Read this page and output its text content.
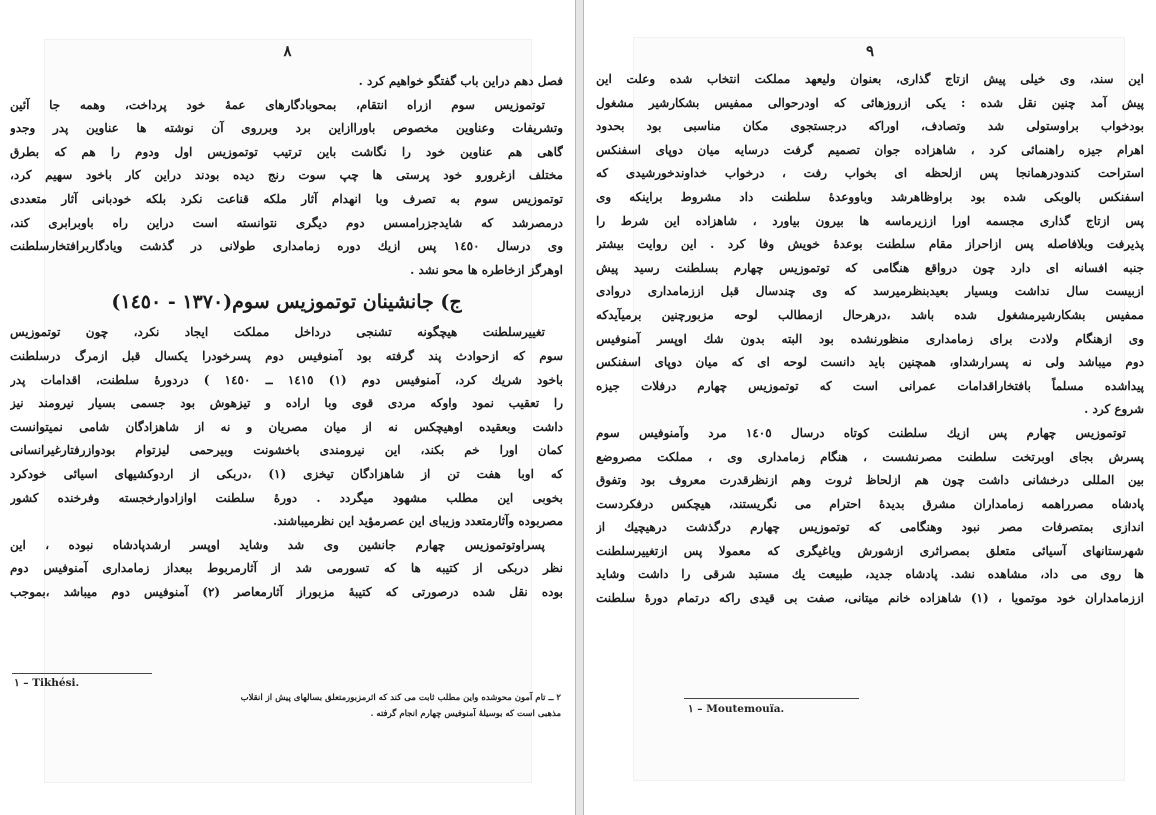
٨
فصل دهم دراین باب گفتگو خواهیم کرد .
توتموزیس سوم ازراه انتقام، بمحوبادگارهای عمهٔ خود پرداخت، وهمه جا آئین
وتشریفات وعناوین مخصوص باوراازاین برد وبرروی آن نوشته ها عناوین پدر وجدو
گاهی هم عناوین خود را نگاشت باین ترتیب توتموزیس اول ودوم را هم که بطرق
مختلف ازغرورو خود پرستی ها چپ سوت رنج دیده بودند دراین کار باخود سهیم کرد،
توتموزیس سوم به تصرف وبا انهدام آثار ملکه قناعت نکرد بلکه خودبانی آثار متعددی
درمصرشد که شایدجزرامسس دوم دیگری نتوانسته است دراین راه باوبرابری کند،
وی درسال ١٤٥٠ پس ازیك دوره زمامداری طولانی در گذشت ویادگاربرافتخارسلطنت
اوهرگز ازخاطره ها محو نشد .
ج) جانشینان توتموزیس سوم(١٣٧٠ - ١٤٥٠)
تغییرسلطنت هیچگونه تشنجی درداخل مملکت ایجاد نکرد، چون توتموزیس
سوم که ازحوادث پند گرفته بود آمنوفیس دوم پسرخودرا یکسال قبل ازمرگ درسلطنت
باخود شریك کرد، آمنوفیس دوم (١) ١٤١٥ ــ ١٤٥٠ ) دردورهٔ سلطنت، اقدامات پدر
را تعقیب نمود واوکه مردی قوی وبا اراده و تیزهوش بود جسمی بسیار نیرومند نیز
داشت وبعقیده اوهیچکس نه از میان مصریان و نه از شاهزادگان شامی نمیتوانست
کمان اورا خم بکند، این نیرومندی باخشونت وبیرحمی لیزتوام بودوازرفتارغیرانسانی
که اوبا هفت تن از شاهزادگان تیخزی (١) ،دربکی از اردوکشیهای اسیائی خودکرد
بخوبی این مطلب مشهود میگردد . دورهٔ سلطنت اوازادوارخجسته وفرخنده کشور
مصربوده وآثارمتعدد وزیبای این عصرمؤید این نظرمیباشند.
پسراوتوتموزیس چهارم جانشین وی شد وشاید اوپسر ارشدپادشاه نبوده ، این
نظر دربکی از کتیبه ها که تسورمی شد از آثارمربوط ببعداز زمامداری آمنوفیس دوم
بوده نقل شده درصورتی که کتیبهٔ مزبوراز آثارمعاصر (٢) آمنوفیس دوم میباشد ،بموجب
١ – Tikhési.
٢ ــ تام آمون محوشده واین مطلب ثابت می کند که اثرمزبورمتعلق بسالهای پیش از انقلاب
مذهبی است که بوسیلهٔ آمنوفیس چهارم انجام گرفته .
٩
این سند، وی خیلی پیش ازتاج گذاری، بعنوان ولیعهد مملکت انتخاب شده وعلت این
پیش آمد چنین نقل شده : یکی ازروزهائی که اودرحوالی ممفیس بشکارشیر مشغول
بودخواب براوستولی شد وتصادف، اوراکه درجستجوی مکان مناسبی بود بحدود
اهرام جیزه راهنمائی کرد ، شاهزاده جوان تصمیم گرفت درسایه میان دوپای اسفنکس
استراحت کندودرهمانجا پس ازلحظه ای بخواب رفت ، درخواب خداوندخورشیدی که
اسفنکس بالوبکی شده بود براوظاهرشد وباووعدهٔ سلطنت داد مشروط براینکه وی
پس ازتاج گذاری مجسمه اورا اززیرماسه ها بیرون بیاورد ، شاهزاده این شرط را
پذیرفت وبلافاصله پس ازاحراز مقام سلطنت بوعدهٔ خویش وفا کرد . این روایت بیشتر
جنبه افسانه ای دارد چون درواقع هنگامی که توتموزیس چهارم بسلطنت رسید پیش
ازبیست سال نداشت وبسیار بعیدبنظرمیرسد که وی چندسال قبل اززمامداری دروادی
ممفیس بشکارشیرمشغول شده باشد ،درهرحال ازمطالب لوحه مزبورچنین برمیآیدکه
وی ازهنگام ولادت برای زمامداری منظورنشده بود البته بدون شك اوپسر آمنوفیس
دوم میباشد ولی نه پسرارشداو، همچنین باید دانست لوحه ای که میان دوپای اسفنکس
پیداشده مسلماً بافتخاراقدامات عمرانی است که توتموزیس چهارم درفلات جیزه
شروع کرد .
توتموزیس چهارم پس ازیك سلطنت کوتاه درسال ١٤٠٥ مرد وآمنوفیس سوم
پسرش بجای اوبرتخت سلطنت مصرنشست ، هنگام زمامداری وی ، مملکت مصروضع
بین المللی درخشانی داشت چون هم ازلحاظ ثروت وهم ازنظرقدرت معروف بود وتفوق
پادشاه مصرراهمه زمامداران مشرق بدیدهٔ احترام می نگریستند، هیچکس درفکردست
اندازی بمتصرفات مصر نبود وهنگامی که توتموزیس چهارم درگذشت درهیچیك از
شهرستانهای آسیائی متعلق بمصراثری ازشورش ویاغیگری که معمولا پس ازتغییرسلطنت
ها روی می داد، مشاهده نشد. پادشاه جدید، طبیعت یك مستبد شرقی را داشت وشاید
اززمامداران خود موتمویا ، (١) شاهزاده خانم میتانی، صفت بی قیدی راکه درتمام دورهٔ سلطنت
١ – Moutemouïa.
